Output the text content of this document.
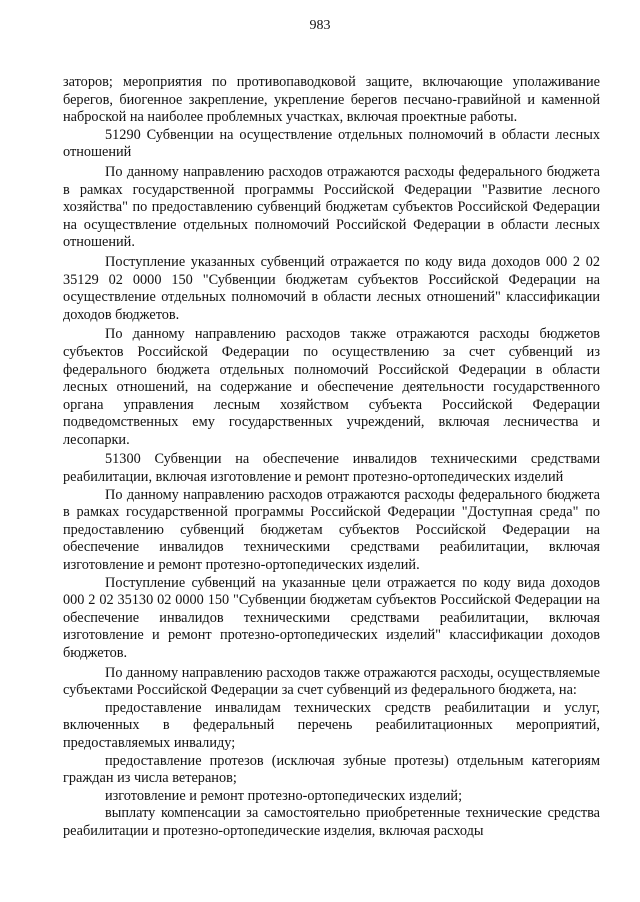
983

заторов; мероприятия по противопаводковой защите, включающие уполаживание берегов, биогенное закрепление, укрепление берегов песчано-гравийной и каменной наброской на наиболее проблемных участках, включая проектные работы.

51290 Субвенции на осуществление отдельных полномочий в области лесных отношений

По данному направлению расходов отражаются расходы федерального бюджета в рамках государственной программы Российской Федерации "Развитие лесного хозяйства" по предоставлению субвенций бюджетам субъектов Российской Федерации на осуществление отдельных полномочий Российской Федерации в области лесных отношений.

Поступление указанных субвенций отражается по коду вида доходов 000 2 02 35129 02 0000 150 "Субвенции бюджетам субъектов Российской Федерации на осуществление отдельных полномочий в области лесных отношений" классификации доходов бюджетов.

По данному направлению расходов также отражаются расходы бюджетов субъектов Российской Федерации по осуществлению за счет субвенций из федерального бюджета отдельных полномочий Российской Федерации в области лесных отношений, на содержание и обеспечение деятельности государственного органа управления лесным хозяйством субъекта Российской Федерации подведомственных ему государственных учреждений, включая лесничества и лесопарки.

51300 Субвенции на обеспечение инвалидов техническими средствами реабилитации, включая изготовление и ремонт протезно-ортопедических изделий

По данному направлению расходов отражаются расходы федерального бюджета в рамках государственной программы Российской Федерации "Доступная среда" по предоставлению субвенций бюджетам субъектов Российской Федерации на обеспечение инвалидов техническими средствами реабилитации, включая изготовление и ремонт протезно-ортопедических изделий.

Поступление субвенций на указанные цели отражается по коду вида доходов 000 2 02 35130 02 0000 150 "Субвенции бюджетам субъектов Российской Федерации на обеспечение инвалидов техническими средствами реабилитации, включая изготовление и ремонт протезно-ортопедических изделий" классификации доходов бюджетов.

По данному направлению расходов также отражаются расходы, осуществляемые субъектами Российской Федерации за счет субвенций из федерального бюджета, на:

предоставление инвалидам технических средств реабилитации и услуг, включенных в федеральный перечень реабилитационных мероприятий, предоставляемых инвалиду;

предоставление протезов (исключая зубные протезы) отдельным категориям граждан из числа ветеранов;

изготовление и ремонт протезно-ортопедических изделий;

выплату компенсации за самостоятельно приобретенные технические средства реабилитации и протезно-ортопедические изделия, включая расходы
